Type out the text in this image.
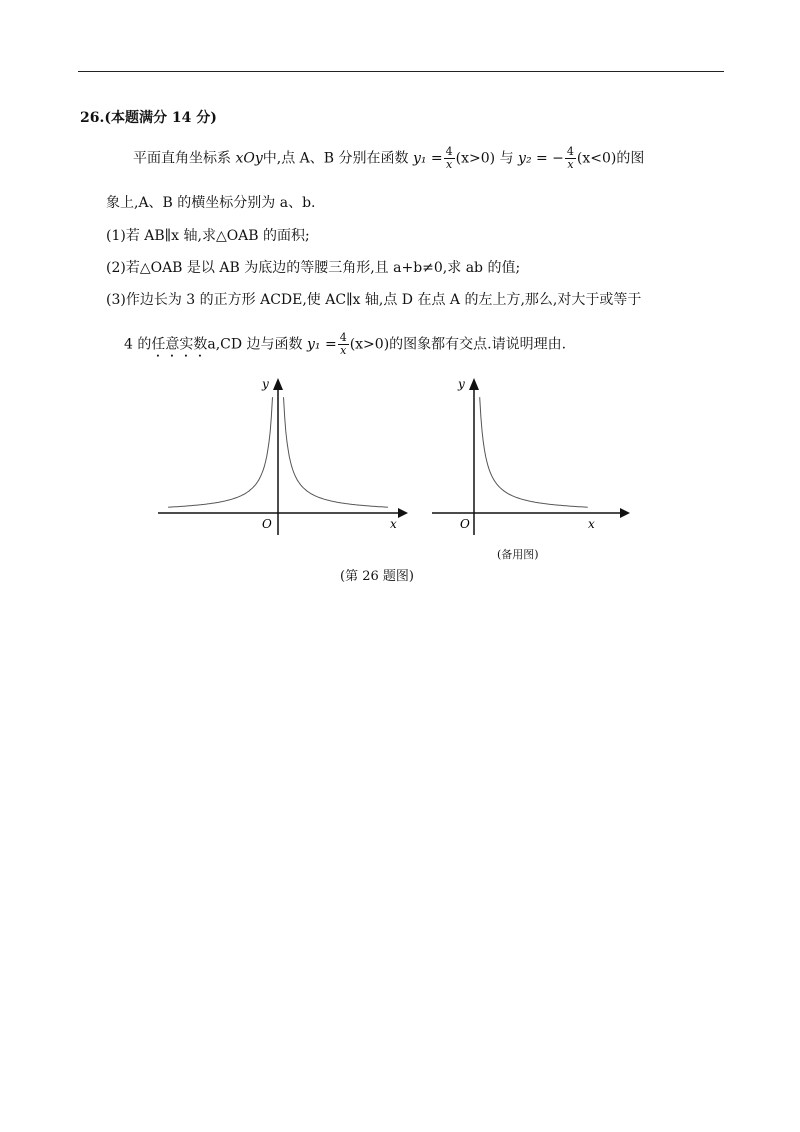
26.(本题满分 14 分)
平面直角坐标系 xOy中,点 A、B 分别在函数 $y_1 = \frac{4}{x} (x>0)$ 与 y₂ = − $\frac{4}{x} (x<0)$的图
象上,A、B 的横坐标分别为 a、b.
(1)若 AB∥x 轴,求△OAB 的面积;
(2)若△OAB 是以 AB 为底边的等腰三角形,且 a+b≠0,求 ab 的值;
(3)作边长为 3 的正方形 ACDE,使 AC∥x 轴,点 D 在点 A 的左上方,那么,对大于或等于
4 的任意实数a,CD 边与函数 $y_1 = \frac{4}{x} (x>0)$的图象都有交点.请说明理由.
y
x
O
y
x
O
(备用图)
(第 26 题图)
